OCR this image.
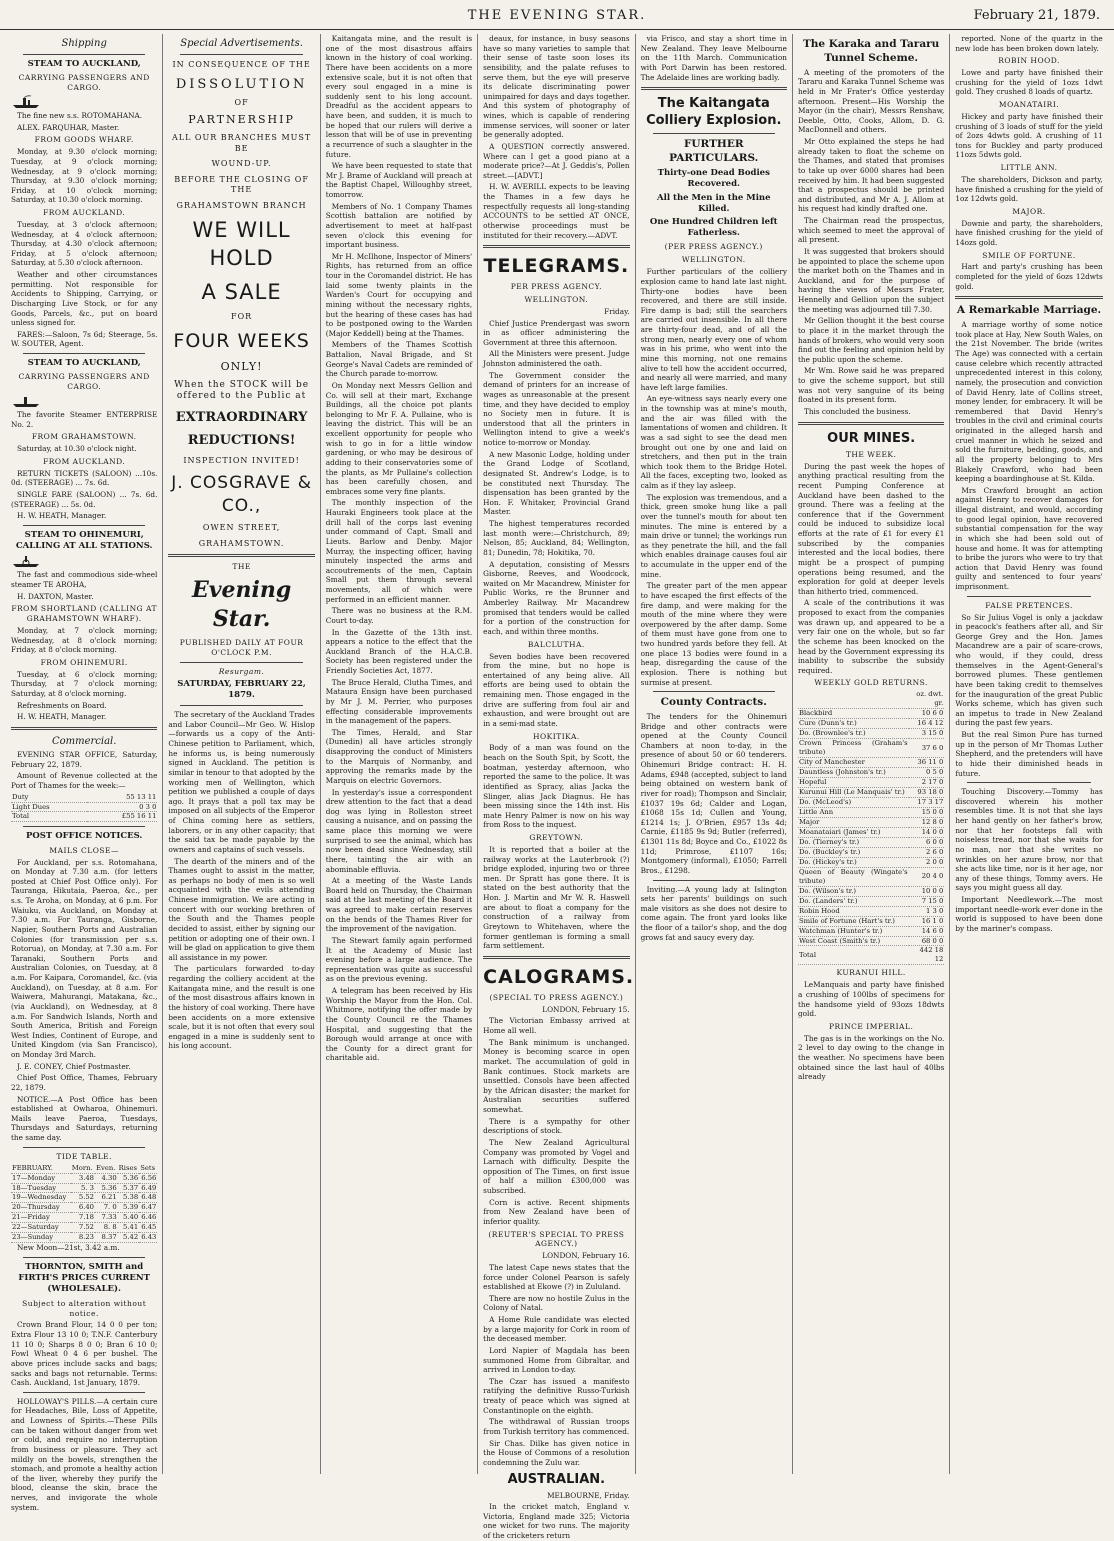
THE EVENING STAR.	February 21, 1879.
Shipping
STEAM TO AUCKLAND,
CARRYING PASSENGERS AND CARGO.

The fine new s.s. ROTOMAHANA.

ALEX. FARQUHAR, Master.

FROM GOODS WHARF.

Monday, at 9.30 o'clock morning; Tuesday, at 9 o'clock morning; Wednesday, at 9 o'clock morning; Thursday, at 9.30 o'clock morning; Friday, at 10 o'clock morning; Saturday, at 10.30 o'clock morning.

FROM AUCKLAND.

Tuesday, at 3 o'clock afternoon; Wednesday, at 4 o'clock afternoon; Thursday, at 4.30 o'clock afternoon; Friday, at 5 o'clock afternoon; Saturday, at 5.30 o'clock afternoon.

Weather and other circumstances permitting. Not responsible for Accidents to Shipping, Carrying, or Discharging Live Stock, or for any Goods, Parcels, &c., put on board unless signed for.

FARES:—Saloon, 7s 6d; Steerage, 5s. W. SOUTER, Agent.

STEAM TO AUCKLAND,
CARRYING PASSENGERS AND CARGO.

The favorite Steamer ENTERPRISE No. 2.

FROM GRAHAMSTOWN.

Saturday, at 10.30 o'clock night.

FROM AUCKLAND.

RETURN TICKETS (SALOON) ...10s. 0d. (STEERAGE) ... 7s. 6d.

SINGLE FARE (SALOON) ... 7s. 6d. (STEERAGE) ... 5s. 0d.

H. W. HEATH, Manager.

STEAM TO OHINEMURI, CALLING AT ALL STATIONS.

The fast and commodious side-wheel steamer TE AROHA,

H. DAXTON, Master.

FROM SHORTLAND (CALLING AT GRAHAMSTOWN WHARF).

Monday, at 7 o'clock morning; Wednesday, at 8 o'clock morning; Friday, at 8 o'clock morning.

FROM OHINEMURI.

Tuesday, at 6 o'clock morning; Thursday, at 7 o'clock morning; Saturday, at 8 o'clock morning.

Refreshments on Board.

H. W. HEATH, Manager.

Commercial.

EVENING STAR OFFICE, Saturday, February 22, 1879.

Amount of Revenue collected at the Port of Thames for the week:—

Duty	55 13 11
Light Dues	0 3 0
Total	£55 16 11
POST OFFICE NOTICES.
MAILS CLOSE—

For Auckland, per s.s. Rotomahana, on Monday at 7.30 a.m. (for letters posted at Chief Post Office only). For Tauranga, Hikutaia, Paeroa, &c., per s.s. Te Aroha, on Monday, at 6 p.m. For Waiuku, via Auckland, on Monday at 7.30 a.m. For Tauranga, Gisborne, Napier, Southern Ports and Australian Colonies (for transmission per s.s. Rotorua), on Monday, at 7.30 a.m. For Taranaki, Southern Ports and Australian Colonies, on Tuesday, at 8 a.m. For Kaipara, Coromandel, &c. (via Auckland), on Tuesday, at 8 a.m. For Waiwera, Mahurangi, Matakana, &c., (via Auckland), on Wednesday, at 8 a.m. For Sandwich Islands, North and South America, British and Foreign West Indies, Continent of Europe, and United Kingdom (via San Francisco), on Monday 3rd March.

J. E. CONEY, Chief Postmaster.

Chief Post Office, Thames, February 22, 1879.

NOTICE.—A Post Office has been established at Owharoa, Ohinemuri. Mails leave Paeroa, Tuesdays, Thursdays and Saturdays, returning the same day.

TIDE TABLE.
FEBRUARY.	Morn.	Even.	Rises	Sets
17—Monday	3.48	4.30	5.36	6.56
18—Tuesday	5. 3	5.36	5.37	6.49
19—Wednesday	5.52	6.21	5.38	6.48
20—Thursday	6.40	7. 0	5.39	6.47
21—Friday	7.18	7.33	5.40	6.46
22—Saturday	7.52	8. 8	5.41	6.45
23—Sunday	8.23	8.37	5.42	6.43

New Moon—21st, 3.42 a.m.

THORNTON, SMITH and FIRTH'S PRICES CURRENT (WHOLESALE).
Subject to alteration without notice.

Crown Brand Flour, 14 0 0 per ton; Extra Flour 13 10 0; T.N.F. Canterbury 11 10 0; Sharps 8 0 0; Bran 6 10 0; Fowl Wheat 0 4 6 per bushel. The above prices include sacks and bags; sacks and bags not returnable. Terms: Cash. Auckland, 1st January, 1879.

HOLLOWAY'S PILLS.—A certain cure for Headaches, Bile, Loss of Appetite, and Lowness of Spirits.—These Pills can be taken without danger from wet or cold, and require no interruption from business or pleasure. They act mildly on the bowels, strengthen the stomach, and promote a healthy action of the liver, whereby they purify the blood, cleanse the skin, brace the nerves, and invigorate the whole system.

Special Advertisements.
IN CONSEQUENCE OF THE
DISSOLUTION
OF
PARTNERSHIP
ALL OUR BRANCHES MUST BE
WOUND-UP.
BEFORE THE CLOSING OF THE
GRAHAMSTOWN BRANCH
WE WILL HOLD
A SALE
FOR
FOUR WEEKS
ONLY!
When the STOCK will be offered to the Public at
EXTRAORDINARY
REDUCTIONS!
INSPECTION INVITED!
J. COSGRAVE & CO.,
OWEN STREET,
GRAHAMSTOWN.
THE
Evening Star.
PUBLISHED DAILY AT FOUR O'CLOCK P.M.
Resurgam.
SATURDAY, FEBRUARY 22, 1879.

The secretary of the Auckland Trades and Labor Council—Mr Geo. W. Hislop—forwards us a copy of the Anti-Chinese petition to Parliament, which, he informs us, is being numerously signed in Auckland. The petition is similar in tenour to that adopted by the working men of Wellington, which petition we published a couple of days ago. It prays that a poll tax may be imposed on all subjects of the Emperor of China coming here as settlers, laborers, or in any other capacity; that the said tax be made payable by the owners and captains of such vessels.

The dearth of the miners and of the Thames ought to assist in the matter, as perhaps no body of men is so well acquainted with the evils attending Chinese immigration. We are acting in concert with our working brethren of the South and the Thames people decided to assist, either by signing our petition or adopting one of their own. I will be glad on application to give them all assistance in my power.

The particulars forwarded to-day regarding the colliery accident at the Kaitangata mine, and the result is one of the most disastrous affairs known in the history of coal working. There have been accidents on a more extensive scale, but it is not often that every soul engaged in a mine is suddenly sent to his long account.

Kaitangata mine, and the result is one of the most disastrous affairs known in the history of coal working. There have been accidents on a more extensive scale, but it is not often that every soul engaged in a mine is suddenly sent to his long account. Dreadful as the accident appears to have been, and sudden, it is much to be hoped that our rulers will derive a lesson that will be of use in preventing a recurrence of such a slaughter in the future.

We have been requested to state that Mr J. Brame of Auckland will preach at the Baptist Chapel, Willoughby street, tomorrow.

Members of No. 1 Company Thames Scottish battalion are notified by advertisement to meet at half-past seven o'clock this evening for important business.

Mr H. McIlhone, Inspector of Miners' Rights, has returned from an office tour in the Coromandel district. He has laid some twenty plaints in the Warden's Court for occupying and mining without the necessary rights, but the hearing of these cases has had to be postponed owing to the Warden (Major Keddell) being at the Thames.

Members of the Thames Scottish Battalion, Naval Brigade, and St George's Naval Cadets are reminded of the Church parade to-morrow.

On Monday next Messrs Gellion and Co. will sell at their mart, Exchange Buildings, all the choice pot plants belonging to Mr F. A. Pullaine, who is leaving the district. This will be an excellent opportunity for people who wish to go in for a little window gardening, or who may be desirous of adding to their conservatories some of the plants, as Mr Pullaine's collection has been carefully chosen, and embraces some very fine plants.

The monthly inspection of the Hauraki Engineers took place at the drill hall of the corps last evening under command of Capt. Small and Lieuts. Barlow and Denby. Major Murray, the inspecting officer, having minutely inspected the arms and accoutrements of the men, Captain Small put them through several movements, all of which were performed in an efficient manner.

There was no business at the R.M. Court to-day.

In the Gazette of the 13th inst. appears a notice to the effect that the Auckland Branch of the H.A.C.B. Society has been registered under the Friendly Societies Act, 1877.

The Bruce Herald, Clutha Times, and Mataura Ensign have been purchased by Mr J. M. Perrier, who purposes effecting considerable improvements in the management of the papers.

The Times, Herald, and Star (Dunedin) all have articles strongly disapproving the conduct of Ministers to the Marquis of Normanby, and approving the remarks made by the Marquis on electric Governors.

In yesterday's issue a correspondent drew attention to the fact that a dead dog was lying in Rolleston street causing a nuisance, and on passing the same place this morning we were surprised to see the animal, which has now been dead since Wednesday, still there, tainting the air with an abominable effluvia.

At a meeting of the Waste Lands Board held on Thursday, the Chairman said at the last meeting of the Board it was agreed to make certain reserves on the bends of the Thames River for the improvement of the navigation.

The Stewart family again performed It at the Academy of Music last evening before a large audience. The representation was quite as successful as on the previous evening.

A telegram has been received by His Worship the Mayor from the Hon. Col. Whitmore, notifying the offer made by the County Council re the Thames Hospital, and suggesting that the Borough would arrange at once with the County for a direct grant for charitable aid.

deaux, for instance, in busy seasons have so many varieties to sample that their sense of taste soon loses its sensibility, and the palate refuses to serve them, but the eye will preserve its delicate discriminating power unimpaired for days and days together. And this system of photography of wines, which is capable of rendering immense services, will sooner or later be generally adopted.

A QUESTION correctly answered. Where can I get a good piano at a moderate price?—At J. Geddis's, Pollen street.—[ADVT.]

H. W. AVERILL expects to be leaving the Thames in a few days he respectfully requests all long-standing ACCOUNTS to be settled AT ONCE, otherwise proceedings must be instituted for their recovery.—ADVT.

TELEGRAMS.
PER PRESS AGENCY.
WELLINGTON.

Friday.

Chief Justice Prendergast was sworn in as officer administering the Government at three this afternoon.

All the Ministers were present. Judge Johnston administered the oath.

The Government consider the demand of printers for an increase of wages as unreasonable at the present time, and they have decided to employ no Society men in future. It is understood that all the printers in Wellington intend to give a week's notice to-morrow or Monday.

A new Masonic Lodge, holding under the Grand Lodge of Scotland, designated St. Andrew's Lodge, is to be constituted next Thursday. The dispensation has been granted by the Hon. F. Whitaker, Provincial Grand Master.

The highest temperatures recorded last month were:—Christchurch, 89; Nelson, 85; Auckland, 84; Wellington, 81; Dunedin, 78; Hokitika, 70.

A deputation, consisting of Messrs Gisborne, Reeves, and Woodcock, waited on Mr Macandrew, Minister for Public Works, re the Brunner and Amberley Railway. Mr Macandrew promised that tenders would be called for a portion of the construction for each, and within three months.

BALCLUTHA.

Seven bodies have been recovered from the mine, but no hope is entertained of any being alive. All efforts are being used to obtain the remaining men. Those engaged in the drive are suffering from foul air and exhaustion, and were brought out are in a semi-mad state.

HOKITIKA.

Body of a man was found on the beach on the South Spit, by Scott, the boatman, yesterday afternoon, who reported the same to the police. It was identified as Spracy, alias Jacka the Slinger, alias Jack Diagnus. He has been missing since the 14th inst. His mate Henry Palmer is now on his way from Ross to the inquest.

GREYTOWN.

It is reported that a boiler at the railway works at the Lauterbrook (?) bridge exploded, injuring two or three men. Dr Spratt has gone there. It is stated on the best authority that the Hon. J. Martin and Mr W. R. Haswell are about to float a company for the construction of a railway from Greytown to Whitehaven, where the former gentleman is forming a small farm settlement.

CALOGRAMS.
(SPECIAL TO PRESS AGENCY.)

LONDON, February 15.

The Victorian Embassy arrived at Home all well.

The Bank minimum is unchanged. Money is becoming scarce in open market. The accumulation of gold in Bank continues. Stock markets are unsettled. Consols have been affected by the African disaster; the market for Australian securities suffered somewhat.

There is a sympathy for other descriptions of stock.

The New Zealand Agricultural Company was promoted by Vogel and Larnach with difficulty. Despite the opposition of The Times, on first issue of half a million £300,000 was subscribed.

Corn is active. Recent shipments from New Zealand have been of inferior quality.

(REUTER'S SPECIAL TO PRESS AGENCY.)

LONDON, February 16.

The latest Cape news states that the force under Colonel Pearson is safely established at Ekowe (?) in Zululand.

There are now no hostile Zulus in the Colony of Natal.

A Home Rule candidate was elected by a large majority for Cork in room of the deceased member.

Lord Napier of Magdala has been summoned Home from Gibraltar, and arrived in London to-day.

The Czar has issued a manifesto ratifying the definitive Russo-Turkish treaty of peace which was signed at Constantinople on the eighth.

The withdrawal of Russian troops from Turkish territory has commenced.

Sir Chas. Dilke has given notice in the House of Commons of a resolution condemning the Zulu war.

AUSTRALIAN.

MELBOURNE, Friday.

In the cricket match, England v. Victoria, England made 325; Victoria one wicket for two runs. The majority of the cricketers return

via Frisco, and stay a short time in New Zealand. They leave Melbourne on the 11th March. Communication with Port Darwin has been restored. The Adelaide lines are working badly.

The Kaitangata Colliery Explosion.
FURTHER PARTICULARS.
Thirty-one Dead Bodies Recovered.
All the Men in the Mine Killed.
One Hundred Children left Fatherless.
(PER PRESS AGENCY.)
WELLINGTON.

Further particulars of the colliery explosion came to hand late last night. Thirty-one bodies have been recovered, and there are still inside. Fire damp is bad; still the searchers are carried out insensible. In all there are thirty-four dead, and of all the strong men, nearly every one of whom was in his prime, who went into the mine this morning, not one remains alive to tell how the accident occurred, and nearly all were married, and many have left large families.

An eye-witness says nearly every one in the township was at mine's mouth, and the air was filled with the lamentations of women and children. It was a sad sight to see the dead men brought out one by one and laid on stretchers, and then put in the train which took them to the Bridge Hotel. All the faces, excepting two, looked as calm as if they lay asleep.

The explosion was tremendous, and a thick, green smoke hung like a pall over the tunnel's mouth for about ten minutes. The mine is entered by a main drive or tunnel; the workings run as they penetrate the hill, and the fall which enables drainage causes foul air to accumulate in the upper end of the mine.

The greater part of the men appear to have escaped the first effects of the fire damp, and were making for the mouth of the mine where they were overpowered by the after damp. Some of them must have gone from one to two hundred yards before they fell. At one place 13 bodies were found in a heap, disregarding the cause of the explosion. There is nothing but surmise at present.

County Contracts.

The tenders for the Ohinemuri Bridge and other contracts were opened at the County Council Chambers at noon to-day, in the presence of about 50 or 60 tenderers. Ohinemuri Bridge contract: H. H. Adams, £948 (accepted, subject to land being obtained on western bank of river for road); Thompson and Sinclair, £1037 19s 6d; Calder and Logan, £1068 15s 1d; Cullen and Young, £1214 1s; J. O'Brien, £957 13s 4d; Carnie, £1185 9s 9d; Butler (referred), £1301 11s 8d; Boyce and Co., £1022 8s 11d; Primrose, £1107 16s; Montgomery (informal), £1050; Farrell Bros., £1298.

Inviting.—A young lady at Islington sets her parents' buildings on such male visitors as she does not desire to come again. The front yard looks like the floor of a tailor's shop, and the dog grows fat and saucy every day.

The Karaka and Tararu Tunnel Scheme.

A meeting of the promoters of the Tararu and Karaka Tunnel Scheme was held in Mr Frater's Office yesterday afternoon. Present—His Worship the Mayor (in the chair), Messrs Renshaw, Deeble, Otto, Cooks, Allom, D. G. MacDonnell and others.

Mr Otto explained the steps he had already taken to float the scheme on the Thames, and stated that promises to take up over 6000 shares had been received by him. It had been suggested that a prospectus should be printed and distributed, and Mr A. J. Allom at his request had kindly drafted one.

The Chairman read the prospectus, which seemed to meet the approval of all present.

It was suggested that brokers should be appointed to place the scheme upon the market both on the Thames and in Auckland, and for the purpose of having the views of Messrs Frater, Hennelly and Gellion upon the subject the meeting was adjourned till 7.30.

Mr Gellion thought it the best course to place it in the market through the hands of brokers, who would very soon find out the feeling and opinion held by the public upon the scheme.

Mr Wm. Rowe said he was prepared to give the scheme support, but still was not very sanguine of its being floated in its present form.

This concluded the business.

OUR MINES.
THE WEEK.

During the past week the hopes of anything practical resulting from the recent Pumping Conference at Auckland have been dashed to the ground. There was a feeling at the conference that if the Government could be induced to subsidize local efforts at the rate of £1 for every £1 subscribed by the companies interested and the local bodies, there might be a prospect of pumping operations being resumed, and the exploration for gold at deeper levels than hitherto tried, commenced.

A scale of the contributions it was proposed to exact from the companies was drawn up, and appeared to be a very fair one on the whole, but so far the scheme has been knocked on the head by the Government expressing its inability to subscribe the subsidy required.

WEEKLY GOLD RETURNS.
	oz. dwt. gr.
Blackbird	10 6 0
Cure (Dunn's tr.)	16 4 12
Do. (Brownlee's tr.)	3 15 0
Crown Princess (Graham's tribute)	37 6 0
City of Manchester	36 11 0
Dauntless (Johnston's tr.)	0 5 0
Hopeful	2 17 0
Kurunui Hill (Le Manquais' tr.)	93 18 0
Do. (McLeod's)	17 3 17
Little Ann	15 0 0
Major	12 8 0
Moanataiari (James' tr.)	14 0 0
Do. (Tierney's tr.)	6 0 0
Do. (Buckley's tr.)	2 6 0
Do. (Hickey's tr.)	2 0 0
Queen of Beauty (Wingate's tribute)	20 4 0
Do. (Wilson's tr.)	10 0 0
Do. (Landers' tr.)	7 15 0
Robin Hood	1 3 0
Smile of Fortune (Hart's tr.)	16 1 0
Watchman (Hunter's tr.)	14 6 0
West Coast (Smith's tr.)	68 0 0
Total	442 18 12
KURANUI HILL.

LeManquais and party have finished a crushing of 100lbs of specimens for the handsome yield of 93ozs 18dwts gold.

PRINCE IMPERIAL.

The gas is in the workings on the No. 2 level to day owing to the change in the weather. No specimens have been obtained since the last haul of 40lbs already

reported. None of the quartz in the new lode has been broken down lately.

ROBIN HOOD.

Lowe and party have finished their crushing for the yield of 1ozs 1dwt gold. They crushed 8 loads of quartz.

MOANATAIRI.

Hickey and party have finished their crushing of 3 loads of stuff for the yield of 2ozs 4dwts gold. A crushing of 11 tons for Buckley and party produced 11ozs 5dwts gold.

LITTLE ANN.

The shareholders, Dickson and party, have finished a crushing for the yield of 1oz 12dwts gold.

MAJOR.

Downie and party, the shareholders, have finished crushing for the yield of 14ozs gold.

SMILE OF FORTUNE.

Hart and party's crushing has been completed for the yield of 6ozs 12dwts gold.

A Remarkable Marriage.

A marriage worthy of some notice took place at Hay, New South Wales, on the 21st November. The bride (writes The Age) was connected with a certain cause celebre which recently attracted unprecedented interest in this colony, namely, the prosecution and conviction of David Henry, late of Collins street, money lender, for embracery. It will be remembered that David Henry's troubles in the civil and criminal courts originated in the alleged harsh and cruel manner in which he seized and sold the furniture, bedding, goods, and all the property belonging to Mrs Blakely Crawford, who had been keeping a boardinghouse at St. Kilda.

Mrs Crawford brought an action against Henry to recover damages for illegal distraint, and would, according to good legal opinion, have recovered substantial compensation for the way in which she had been sold out of house and home. It was for attempting to bribe the jurors who were to try that action that David Henry was found guilty and sentenced to four years' imprisonment.

FALSE PRETENCES.

So Sir Julius Vogel is only a jackdaw in peacock's feathers after all, and Sir George Grey and the Hon. James Macandrew are a pair of scare-crows, who would, if they could, dress themselves in the Agent-General's borrowed plumes. These gentlemen have been taking credit to themselves for the inauguration of the great Public Works scheme, which has given such an impetus to trade in New Zealand during the past few years.

But the real Simon Pure has turned up in the person of Mr Thomas Luther Shepherd, and the pretenders will have to hide their diminished heads in future.

Touching Discovery.—Tommy has discovered wherein his mother resembles time. It is not that she lays her hand gently on her father's brow, nor that her footsteps fall with noiseless tread, nor that she waits for no man, nor that she writes no wrinkles on her azure brow, nor that she acts like time, nor is it her age, nor any of these things, Tommy avers. He says you might guess all day.

Important Needlework.—The most important needle-work ever done in the world is supposed to have been done by the mariner's compass.
